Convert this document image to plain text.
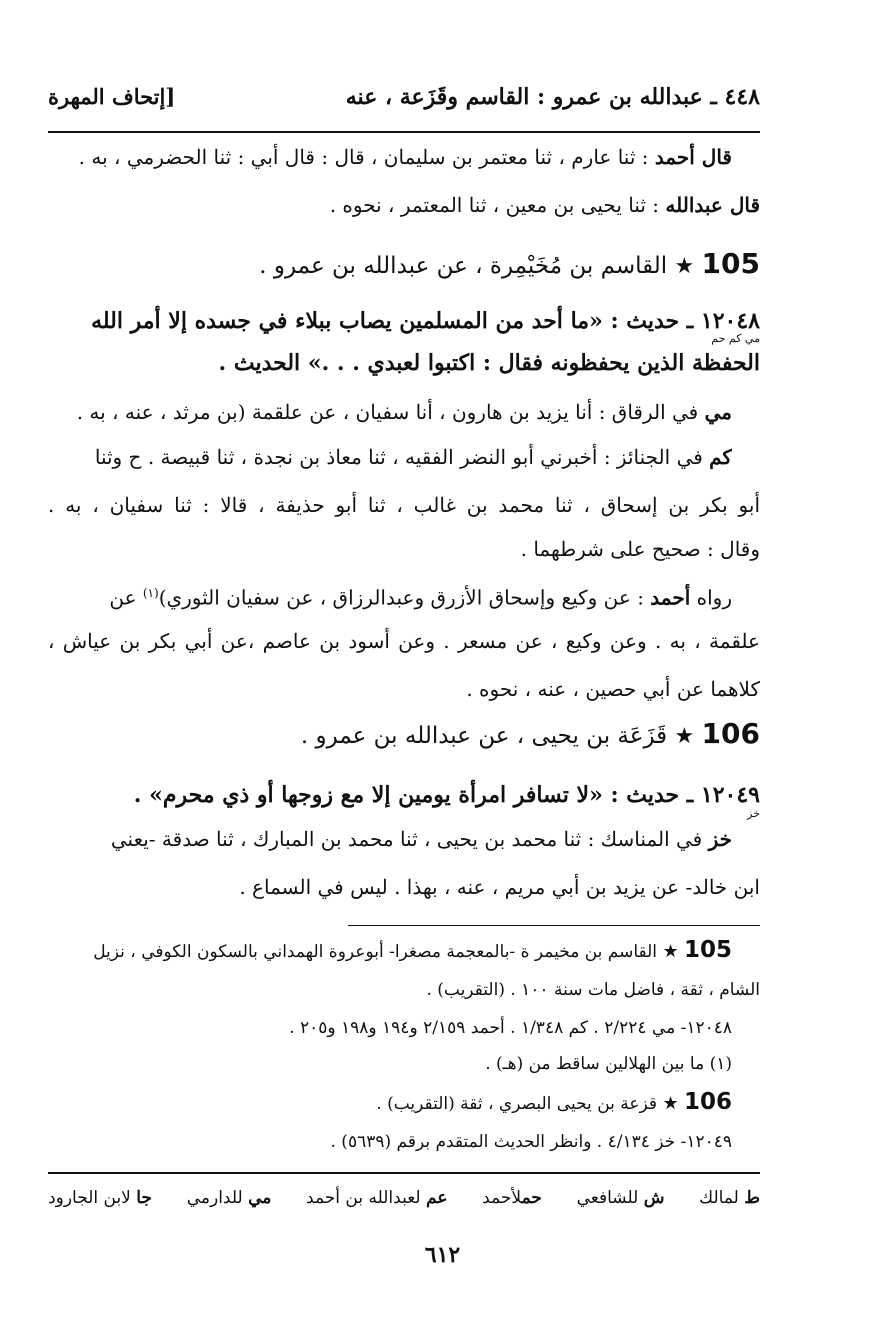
٤٤٨ ـ عبدالله بن عمرو : القاسم وقَزَعة ، عنه
[إتحاف المهرة
قال أحمد : ثنا عارم ، ثنا معتمر بن سليمان ، قال : قال أبي : ثنا الحضرمي ، به .
قال عبدالله : ثنا يحيى بن معين ، ثنا المعتمر ، نحوه .
105 ★ القاسم بن مُخَيْمِرة ، عن عبدالله بن عمرو .
١٢٠٤٨ ـ حديث : «ما أحد من المسلمين يصاب ببلاء في جسده إلا أمر الله
مي كم حم
الحفظة الذين يحفظونه فقال : اكتبوا لعبدي . . .» الحديث .
مي في الرقاق : أنا يزيد بن هارون ، أنا سفيان ، عن علقمة (بن مرثد ، عنه ، به .
كم في الجنائز : أخبرني أبو النضر الفقيه ، ثنا معاذ بن نجدة ، ثنا قبيصة . ح وثنا
أبو بكر بن إسحاق ، ثنا محمد بن غالب ، ثنا أبو حذيفة ، قالا : ثنا سفيان ، به .
وقال : صحيح على شرطهما .
رواه أحمد : عن وكيع وإسحاق الأزرق وعبدالرزاق ، عن سفيان الثوري)$^{(١)}$ عن
علقمة ، به . وعن وكيع ، عن مسعر . وعن أسود بن عاصم ،عن أبي بكر بن عياش ،
كلاهما عن أبي حصين ، عنه ، نحوه .
106 ★ قَزَعَة بن يحيى ، عن عبدالله بن عمرو .
١٢٠٤٩ ـ حديث : «لا تسافر امرأة يومين إلا مع زوجها أو ذي محرم» .
خز
خز في المناسك : ثنا محمد بن يحيى ، ثنا محمد بن المبارك ، ثنا صدقة -يعني
ابن خالد- عن يزيد بن أبي مريم ، عنه ، بهذا . ليس في السماع .
105 ★ القاسم بن مخيمر ة -بالمعجمة مصغرا- أبوعروة الهمداني بالسكون الكوفي ، نزيل
الشام ، ثقة ، فاضل مات سنة ١٠٠ . (التقريب) .
١٢٠٤٨- مي ٢/٢٢٤ . كم ١/٣٤٨ . أحمد ٢/١٥٩ و١٩٤ و١٩٨ و٢٠٥ .
(١) ما بين الهلالين ساقط من (هـ) .
106 ★ قزعة بن يحيى البصري ، ثقة (التقريب) .
١٢٠٤٩- خز ٤/١٣٤ . وانظر الحديث المتقدم برقم (٥٦٣٩) .
ط لمالك
ش للشافعي
حملأحمد
عم لعبدالله بن أحمد
مي للدارمي
جا لابن الجارود
٦١٢
